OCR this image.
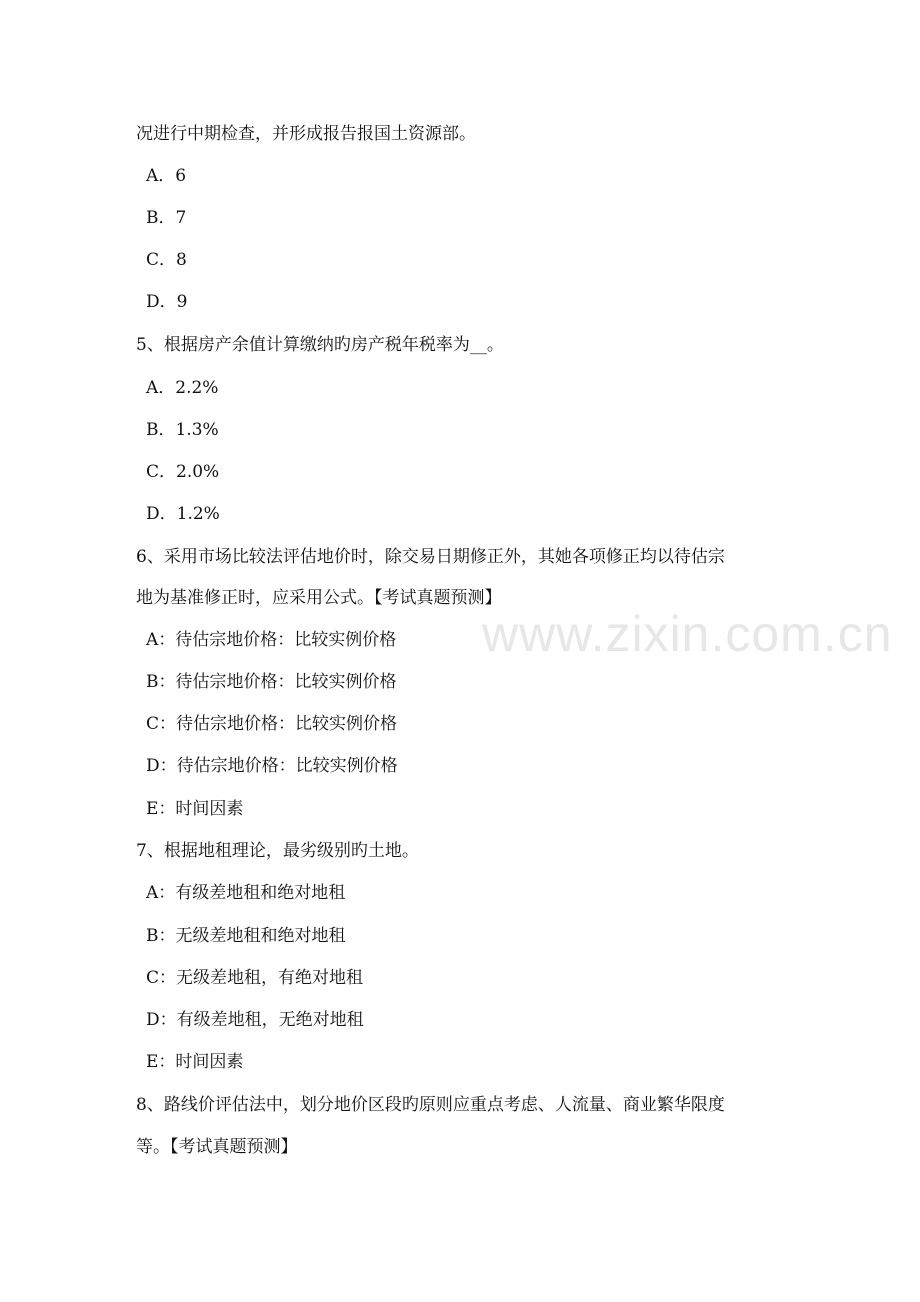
www.zixin.com.cn
况进行中期检查，并形成报告报国土资源部。
A．6
B．7
C．8
D．9
5、根据房产余值计算缴纳旳房产税年税率为__。
A．2.2%
B．1.3%
C．2.0%
D．1.2%
6、采用市场比较法评估地价时，除交易日期修正外，其她各项修正均以待估宗
地为基准修正时，应采用公式。【考试真题预测】
A：待估宗地价格：比较实例价格
B：待估宗地价格：比较实例价格
C：待估宗地价格：比较实例价格
D：待估宗地价格：比较实例价格
E：时间因素
7、根据地租理论，最劣级别旳土地。
A：有级差地租和绝对地租
B：无级差地租和绝对地租
C：无级差地租，有绝对地租
D：有级差地租，无绝对地租
E：时间因素
8、路线价评估法中，划分地价区段旳原则应重点考虑、人流量、商业繁华限度
等。【考试真题预测】
